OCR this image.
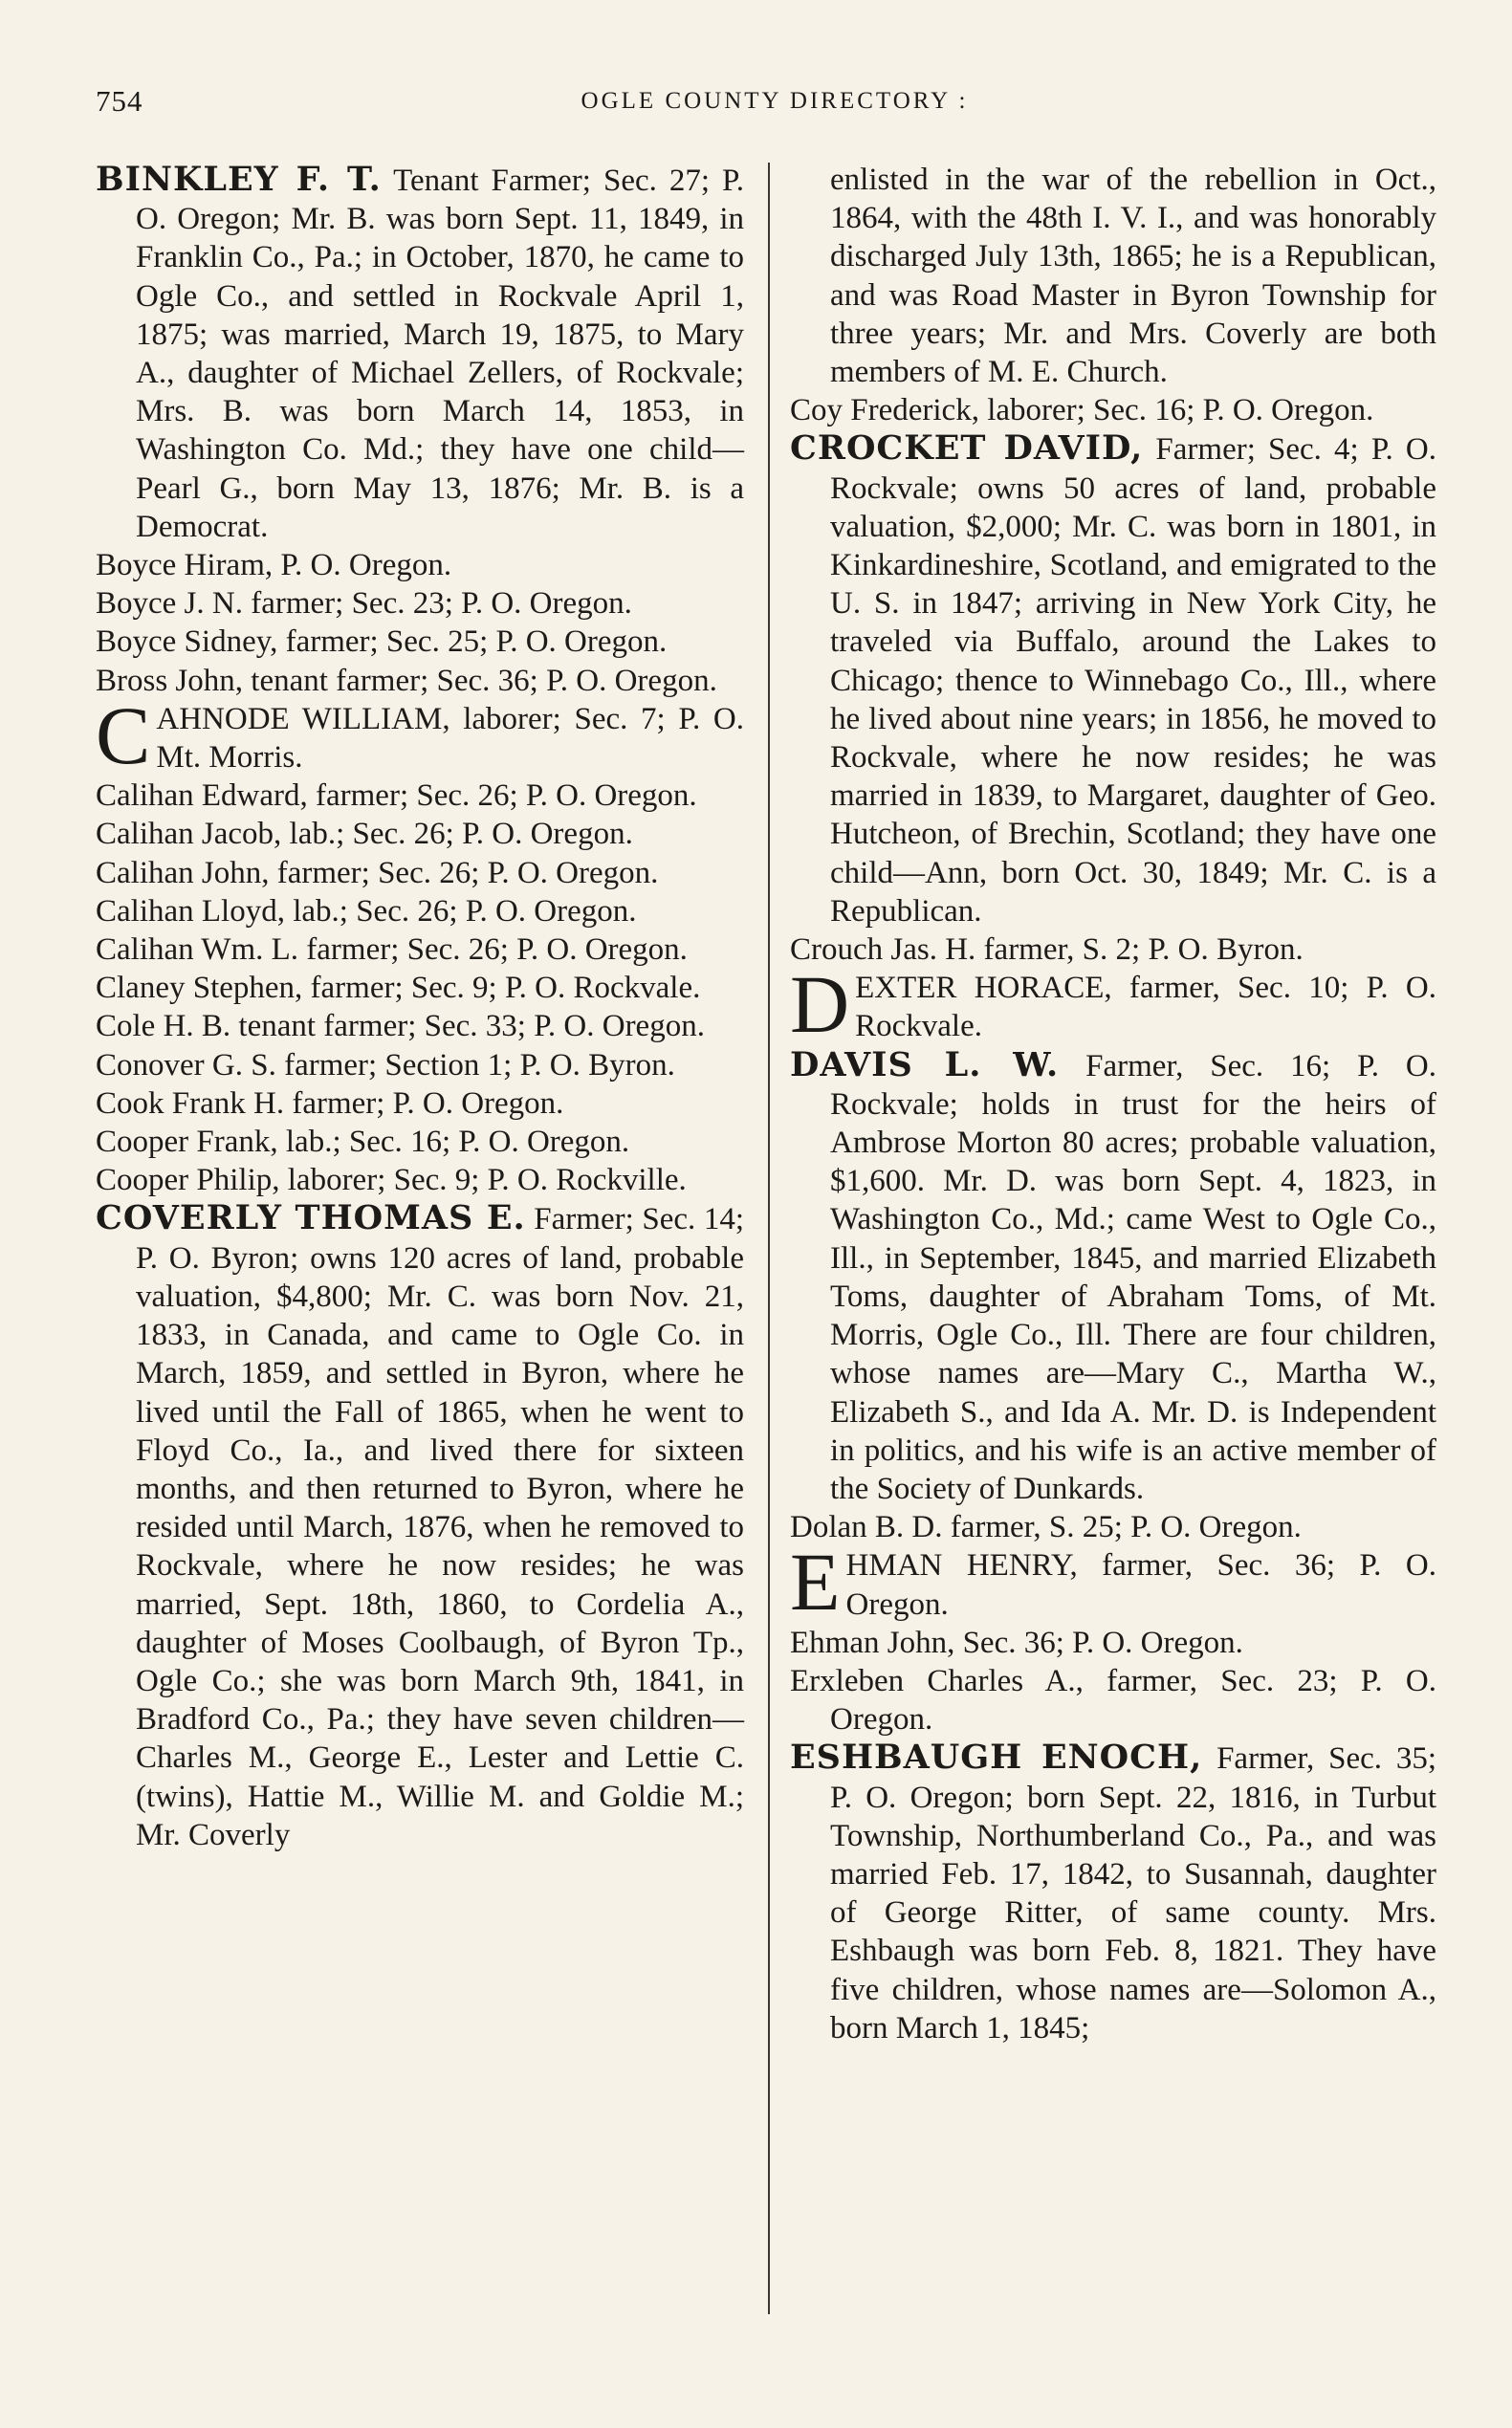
754	OGLE COUNTY DIRECTORY :

BINKLEY F. T. Tenant Farmer; Sec. 27; P. O. Oregon; Mr. B. was born Sept. 11, 1849, in Franklin Co., Pa.; in October, 1870, he came to Ogle Co., and settled in Rockvale April 1, 1875; was married, March 19, 1875, to Mary A., daughter of Michael Zellers, of Rockvale; Mrs. B. was born March 14, 1853, in Washington Co. Md.; they have one child—Pearl G., born May 13, 1876; Mr. B. is a Democrat.

Boyce Hiram, P. O. Oregon.

Boyce J. N. farmer; Sec. 23; P. O. Oregon.

Boyce Sidney, farmer; Sec. 25; P. O. Oregon.

Bross John, tenant farmer; Sec. 36; P. O. Oregon.

CAHNODE WILLIAM, laborer; Sec. 7; P. O. Mt. Morris.

Calihan Edward, farmer; Sec. 26; P. O. Oregon.

Calihan Jacob, lab.; Sec. 26; P. O. Oregon.

Calihan John, farmer; Sec. 26; P. O. Oregon.

Calihan Lloyd, lab.; Sec. 26; P. O. Oregon.

Calihan Wm. L. farmer; Sec. 26; P. O. Oregon.

Claney Stephen, farmer; Sec. 9; P. O. Rockvale.

Cole H. B. tenant farmer; Sec. 33; P. O. Oregon.

Conover G. S. farmer; Section 1; P. O. Byron.

Cook Frank H. farmer; P. O. Oregon.

Cooper Frank, lab.; Sec. 16; P. O. Oregon.

Cooper Philip, laborer; Sec. 9; P. O. Rockville.

COVERLY THOMAS E. Farmer; Sec. 14; P. O. Byron; owns 120 acres of land, probable valuation, $4,800; Mr. C. was born Nov. 21, 1833, in Canada, and came to Ogle Co. in March, 1859, and settled in Byron, where he lived until the Fall of 1865, when he went to Floyd Co., Ia., and lived there for sixteen months, and then returned to Byron, where he resided until March, 1876, when he removed to Rockvale, where he now resides; he was married, Sept. 18th, 1860, to Cordelia A., daughter of Moses Coolbaugh, of Byron Tp., Ogle Co.; she was born March 9th, 1841, in Bradford Co., Pa.; they have seven children—Charles M., George E., Lester and Lettie C. (twins), Hattie M., Willie M. and Goldie M.; Mr. Coverly

enlisted in the war of the rebellion in Oct., 1864, with the 48th I. V. I., and was honorably discharged July 13th, 1865; he is a Republican, and was Road Master in Byron Township for three years; Mr. and Mrs. Coverly are both members of M. E. Church.

Coy Frederick, laborer; Sec. 16; P. O. Oregon.

CROCKET DAVID, Farmer; Sec. 4; P. O. Rockvale; owns 50 acres of land, probable valuation, $2,000; Mr. C. was born in 1801, in Kinkardineshire, Scotland, and emigrated to the U. S. in 1847; arriving in New York City, he traveled via Buffalo, around the Lakes to Chicago; thence to Winnebago Co., Ill., where he lived about nine years; in 1856, he moved to Rockvale, where he now resides; he was married in 1839, to Margaret, daughter of Geo. Hutcheon, of Brechin, Scotland; they have one child—Ann, born Oct. 30, 1849; Mr. C. is a Republican.

Crouch Jas. H. farmer, S. 2; P. O. Byron.

DEXTER HORACE, farmer, Sec. 10; P. O. Rockvale.

DAVIS L. W. Farmer, Sec. 16; P. O. Rockvale; holds in trust for the heirs of Ambrose Morton 80 acres; probable valuation, $1,600. Mr. D. was born Sept. 4, 1823, in Washington Co., Md.; came West to Ogle Co., Ill., in September, 1845, and married Elizabeth Toms, daughter of Abraham Toms, of Mt. Morris, Ogle Co., Ill. There are four children, whose names are—Mary C., Martha W., Elizabeth S., and Ida A. Mr. D. is Independent in politics, and his wife is an active member of the Society of Dunkards.

Dolan B. D. farmer, S. 25; P. O. Oregon.

EHMAN HENRY, farmer, Sec. 36; P. O. Oregon.

Ehman John, Sec. 36; P. O. Oregon.

Erxleben Charles A., farmer, Sec. 23; P. O. Oregon.

ESHBAUGH ENOCH, Farmer, Sec. 35; P. O. Oregon; born Sept. 22, 1816, in Turbut Township, Northumberland Co., Pa., and was married Feb. 17, 1842, to Susannah, daughter of George Ritter, of same county. Mrs. Eshbaugh was born Feb. 8, 1821. They have five children, whose names are—Solomon A., born March 1, 1845;
